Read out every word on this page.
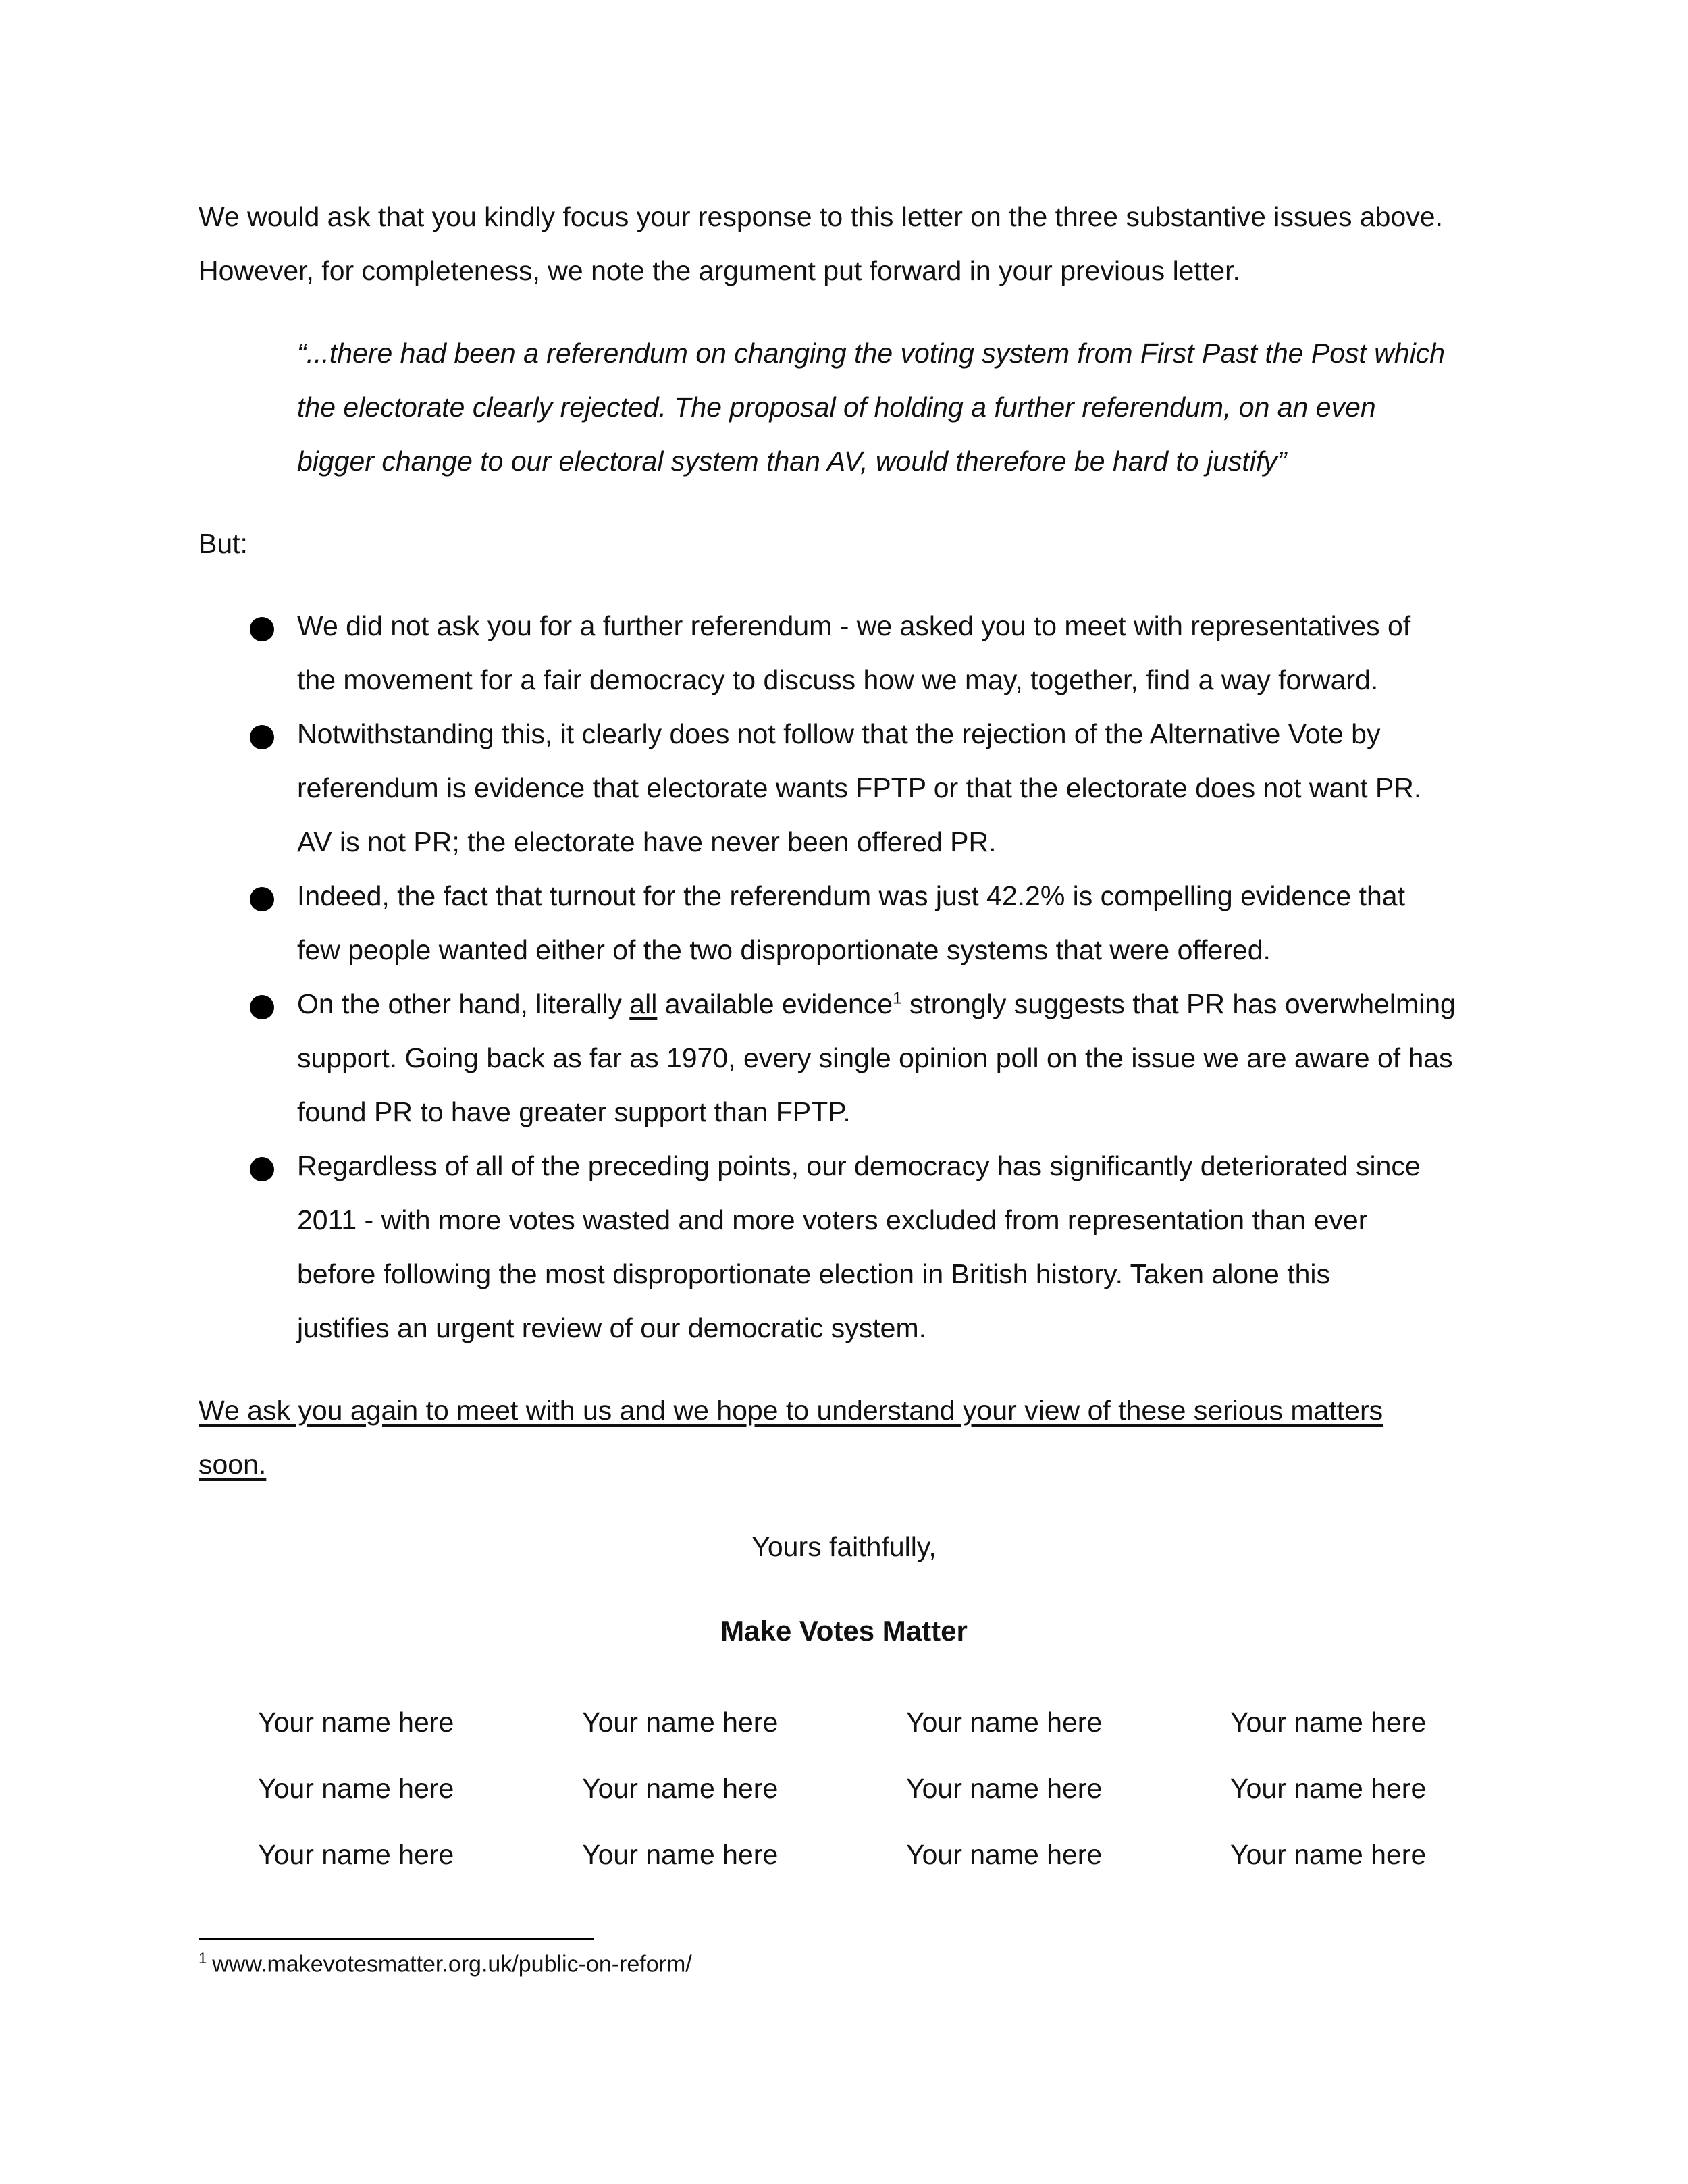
We would ask that you kindly focus your response to this letter on the three substantive issues above.
However, for completeness, we note the argument put forward in your previous letter.
“...there had been a referendum on changing the voting system from First Past the Post which
the electorate clearly rejected. The proposal of holding a further referendum, on an even
bigger change to our electoral system than AV, would therefore be hard to justify”
But:
We did not ask you for a further referendum - we asked you to meet with representatives of
the movement for a fair democracy to discuss how we may, together, find a way forward.
Notwithstanding this, it clearly does not follow that the rejection of the Alternative Vote by
referendum is evidence that electorate wants FPTP or that the electorate does not want PR.
AV is not PR; the electorate have never been offered PR.
Indeed, the fact that turnout for the referendum was just 42.2% is compelling evidence that
few people wanted either of the two disproportionate systems that were offered.
On the other hand, literally all available evidence$^1$ strongly suggests that PR has overwhelming
support. Going back as far as 1970, every single opinion poll on the issue we are aware of has
found PR to have greater support than FPTP.
Regardless of all of the preceding points, our democracy has significantly deteriorated since
2011 - with more votes wasted and more voters excluded from representation than ever
before following the most disproportionate election in British history. Taken alone this
justifies an urgent review of our democratic system.
We ask you again to meet with us and we hope to understand your view of these serious matters
soon.
Yours faithfully,
Make Votes Matter
Your name here	Your name here	Your name here	Your name here
Your name here	Your name here	Your name here	Your name here
Your name here	Your name here	Your name here	Your name here
$^1$ www.makevotesmatter.org.uk/public-on-reform/
